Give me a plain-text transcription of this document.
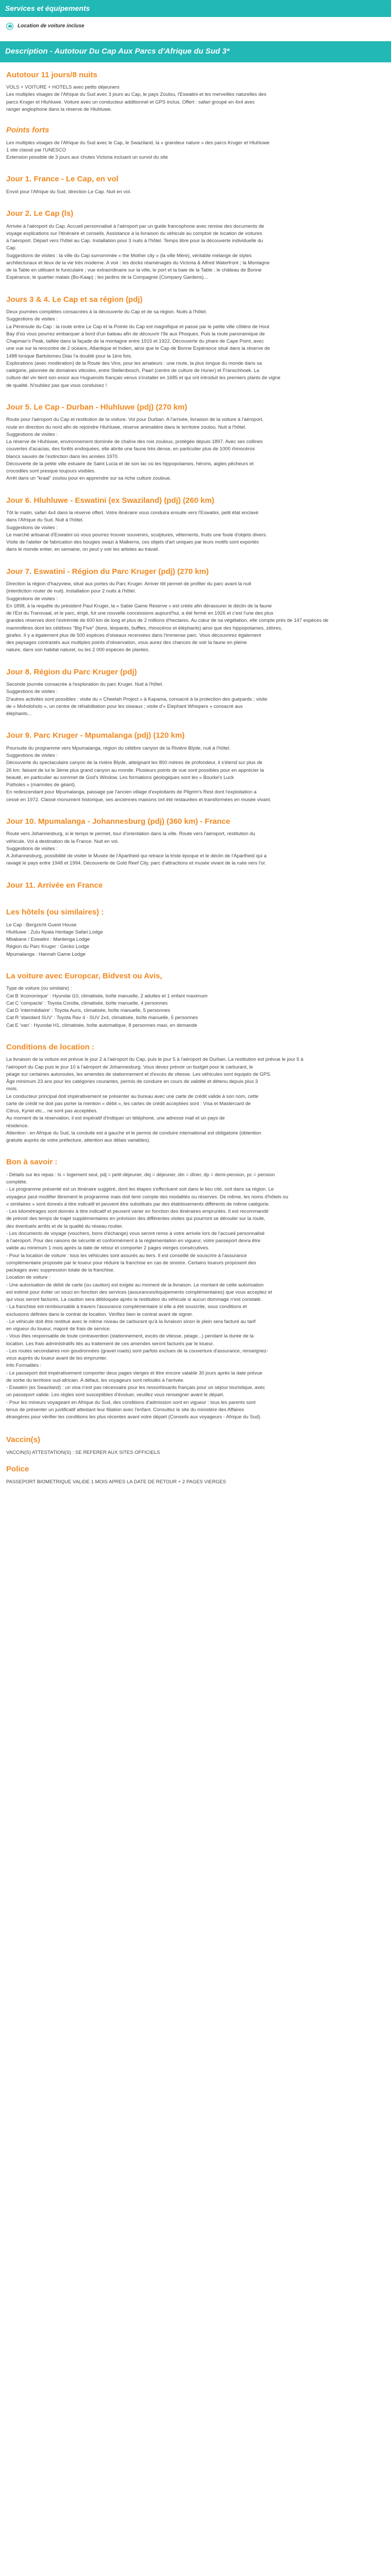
Services et équipements
Location de voiture incluse
Description - Autotour Du Cap Aux Parcs d'Afrique du Sud 3*
Autotour 11 jours/8 nuits
VOLS + VOITURE + HOTELS avec petits déjeuners
Les multiples visages de l'Afrique du Sud avec 3 jours au Cap, le pays Zoulou, l'Eswatini et les merveilles naturelles des
parcs Kruger et Hluhluwe. Voiture avec un conducteur additionnel et GPS inclus. Offert : safari groupé en 4x4 avec
ranger anglophone dans la réserve de Hluhluwe.
Points forts
Les multiples visages de l'Afrique du Sud avec le Cap, le Swaziland, la « grandeur nature » des parcs Kruger et Hluhluwe
1 site classé par l'UNESCO
Extension possible de 3 jours aux chutes Victoria incluant un survol du site
Jour 1. France - Le Cap, en vol
Envol pour l'Afrique du Sud, direction Le Cap. Nuit en vol.
Jour 2. Le Cap (ls)
Arrivée à l'aéroport du Cap. Accueil personnalisé à l'aéroport par un guide francophone avec remise des documents de
voyage explications sur l'itinéraire et conseils. Assistance à la livraison du véhicule au comptoir de location de voitures
à l'aéroport. Départ vers l'hôtel au Cap. Installation pour 3 nuits à l'hôtel. Temps libre pour la découverte individuelle du
Cap.
Suggestions de visites : la ville du Cap surnommée « the Mother city » (la ville Mère), véritable mélange de styles
architecturaux et lieux de la vie très moderne. A voir : les docks réaménagés du Victoria & Alfred Waterfront ; la Montagne
de la Table en utilisant le funiculaire ; vue extraordinaire sur la ville, le port et la baie de la Table ; le château de Bonne
Espérance, le quartier malais (Bo-Kaap) ; les jardins de la Compagnie (Company Gardens)...
Jours 3 & 4. Le Cap et sa région (pdj)
Deux journées complètes consacrées à la découverte du Cap et de sa région. Nuits à l'hôtel.
Suggestions de visites :
La Péninsule du Cap : la route entre Le Cap et la Pointe du Cap est magnifique et passe par le petite ville côtière de Hout
Bay d'où vous pourrez embarquer à bord d'un bateau afin de découvrir l'île aux Phoques. Puis la route panoramique de
Chapman's Peak, taillée dans la façade de la montagne entre 1915 et 1922. Découverte du phare de Cape Point, avec
une vue sur la rencontre de 2 océans, Atlantique et Indien, ainsi que le Cap de Bonne Espérance situé dans la réserve de
1488 lorsque Bartolomeu Dias l'a doublé pour la 1ère fois.
Explorations (avec modération) de la Route des Vins, pour les amateurs : une route, la plus longue du monde dans sa
catégorie, jalonnée de domaines viticoles, entre Stellenbosch, Paarl (centre de culture de Huner) et Franschhoek. La
culture del vin tient son essor aux Huguenots français venus s'installer en 1685 et qui ont introduit les premiers plants de vigne
de qualité. N'oubliez pas que vous conduisez !
Jour 5. Le Cap - Durban - Hluhluwe (pdj) (270 km)
Route pour l'aéroport du Cap et restitution de ta voiture. Vol pour Durban. A l'arrivée, livraison de la voiture à l'aéroport,
route en direction du nord afin de rejoindre Hluhluwe, réserve animalière dans le territoire zoulou. Nuit à l'hôtel.
Suggestions de visites :
La réserve de Hluhluwe, environnement dominée de chaîne des rois zoulous, protégée depuis 1897. Avec ses collines
couvertes d'acacias, des forêts endoquées, elle abrite une faune très dense, en particulier plus de 1000 rhinocéros
blancs sauvés de l'extinction dans les années 1970.
Découverte de la petite ville estuaire de Saint Lucia et de son lac où les hippopotames, hérons, aigles pêcheurs et
crocodiles sont presque toujours visibles.
Arrêt dans un "kraal" zoulou pour en apprendre sur sa riche culture zouloue.
Jour 6. Hluhluwe - Eswatini (ex Swaziland) (pdj) (260 km)
Tôt le matin, safari 4x4 dans la réserve offert. Votre itinéraire vous conduira ensuite vers l'Eswatini, petit état enclavé
dans l'Afrique du Sud. Nuit à l'hôtel.
Suggestions de visites :
Le marché artisanal d'Eswatini où vous pourrez trouver souvenirs, sculptures, vêtements, fruits une foule d'objets divers.
Visite de l'atelier de fabrication des bougies swazi à Malkerns, ces objets d'art uniques par leurs motifs sont exportés
dans le monde entier, en semaine, on peut y voir les artistes au travail.
Jour 7. Eswatini - Région du Parc Kruger (pdj) (270 km)
Direction la région d'hazyview, situé aux portes du Parc Kruger. Arriver tôt permet de profiter du parc avant la nuit
(interdiction router de nuit). Installation pour 2 nuits à l'hôtel.
Suggestions de visites :
En 1898, à la requête du président Paul Kruger, la « Sabie Game Reserve » est créée afin dérassurer le déclin de la faune
de l'Est du Transvaal, et le parc, érigé, fut une nouvelle concessions aujourd'hui, a été fermé en 1926 et c'est l'une des plus
grandes réserves dont l'extrémité de 600 km de long et plus de 2 millions d'hectares. Au cœur de sa végétation, elle compte près de 147 espèces de
mammifères dont les célèbres "Big Five" (lions, léopards, buffles, rhinocéros et éléphants) ainsi que des hippopotames, zèbres,
girafes. Il y a également plus de 500 espèces d'oiseaux recensées dans l'immense parc. Vous découvrirez également
des paysages contrastés aux multiples points d'observation, vous aurez des chances de voir la faune en pleine
nature, dans son habitat naturel, ou les 2 000 espèces de plantes.
Jour 8. Région du Parc Kruger (pdj)
Seconde journée consacrée à l'exploration du parc Kruger. Nuit à l'hôtel.
Suggestions de visites :
D'autres activités sont possibles : visite du « Cheetah Project » à Kapama, consacré à la protection des guépards ; visite
de « Moholoholo », un centre de réhabilitation pour les oiseaux ; visite d'« Elephant Whispers » consacré aux
éléphants...
Jour 9. Parc Kruger - Mpumalanga (pdj) (120 km)
Poursuite du programme vers Mpumalanga, région du célèbre canyon de la Rivière Blyde, nuit à l'hôtel.
Suggestions de visites :
Découverte du spectaculaire canyon de la rivière Blyde, atteignant les 800 mètres de profondeur, il s'étend sur plus de
26 km. faisant de lui le 3ème plus grand canyon au monde. Plusieurs points de vue sont possibles pour en apprécier la
beauté, en particulier au sommet de God's Window. Les formations géologiques sont les « Bourke's Luck
Potholes » (marmites de géant).
En redescendant pour Mpumalanga, passage par l'ancien village d'exploitants de Pilgrim's Rest dont l'exploitation a
cessé en 1972. Classé monument historique, ses anciennes maisons ont été restaurées et transformées en musée vivant.
Jour 10. Mpumalanga - Johannesburg (pdj) (360 km) - France
Route vers Johannesburg, si le temps le permet, tour d'orientation dans la ville. Route vers l'aéroport, restitution du
véhicule. Vol à destination de la France. Nuit en vol.
Suggestions de visites :
A Johannesburg, possibilité de visiter le Musée de l'Apartheid qui retrace la triste époque et le déclin de l'Apartheid qui a
ravagé le pays entre 1948 et 1994. Découverte de Gold Reef City, parc d'attractions et musée vivant de la ruée vers l'or.
Jour 11. Arrivée en France
Les hôtels (ou similaires) :
Le Cap : Bergzicht Guest House
Hluhluwe : Zulu Nyala Heritage Safari Lodge
Mbabane / Eswatini : Mantenga Lodge
Région du Parc Kruger : Gecko Lodge
Mpumalanga : Hannah Game Lodge
La voiture avec Europcar, Bidvest ou Avis,
Type de voiture (ou similaire) :
Cat B 'économique' : Hyundai i10, climatisée, boîte manuelle, 2 adultes et 1 enfant maximum
Cat C 'compacte' : Toyota Corolla, climatisée, boîte manuelle, 4 personnes
Cat D 'intermédiaire' : Toyota Auris, climatisée, boîte manuelle, 5 personnes
Cat R 'standard SUV' : Toyota Rav 4 - SUV 2x4, climatisée, boîte manuelle, 5 personnes
Cat E 'van' : Hyundai H1, climatisée, boîte automatique, 8 personnes maxi, en demande
Conditions de location :
La livraison de la voiture est prévue le jour 2 à l'aéroport du Cap, puis le jour 5 à l'aéroport de Durban. La restitution est prévue le jour 5 à
l'aéroport du Cap puis le jour 10 à l'aéroport de Johannesburg. Vous devez prévoir un budget pour le carburant, le
péage sur certaines autoroutes, les amendes de stationnement et d'excès de vitesse. Les véhicules sont équipés de GPS.
Âge minimum 23 ans pour les catégories courantes, permis de conduire en cours de validité et détenu depuis plus 3
mois.
Le conducteur principal doit impérativement se présenter au bureau avec une carte de crédit valide à son nom, cette
carte de crédit ne doit pas porter la mention « débit », les cartes de crédit acceptées sont : Visa et Mastercard de
Citrus, Kyriel etc... ne sont pas acceptées.
Au moment de la réservation, il est impératif d'indiquer un téléphone, une adresse mail et un pays de
résidence.
Attention : en Afrique du Sud, la conduite est à gauche et le permis de conduire international est obligatoire (obtention
gratuite auprès de votre préfecture, attention aux délais variables).
Bon à savoir :
- Détails sur les repas : ls = logement seul, pdj = petit déjeuner, dej = déjeuner, din = dîner, dp = demi-pension, pc = pension
complète.
- Le programme présenté est un itinéraire suggéré, dont les étapes s'effectuent soit dans le lieu cité, soit dans sa région. Le
voyageur peut modifier librement le programme mais doit tenir compte des modalités ou réserves. De même, les noms d'hôtels ou
« similaires » sont donnés à titre indicatif et peuvent être substitués par des établissements différents de même catégorie.
- Les kilométrages sont donnés à titre indicatif et peuvent varier en fonction des itinéraires empruntés. Il est recommandé
de prévoir des temps de trajet supplémentaires en prévision des différentes visites qui pourront se dérouler sur la route,
des éventuels arrêts et de la qualité du réseau routier.
- Les documents de voyage (vouchers, bons d'échange) vous seront remis à votre arrivée lors de l'accueil personnalisé
à l'aéroport. Pour des raisons de sécurité et conformément à la réglementation en vigueur, votre passeport devra être
valide au minimum 1 mois après la date de retour et comporter 2 pages vierges consécutives.
- Pour la location de voiture : tous les véhicules sont assurés au tiers. Il est conseillé de souscrire à l'assurance
complémentaire proposée par le loueur pour réduire la franchise en cas de sinistre. Certains loueurs proposent des
packages avec suppression totale de la franchise.
Location de voiture :
- Une autorisation de débit de carte (ou caution) est exigée au moment de la livraison. Le montant de cette autorisation
est estimé pour éviter un souci en fonction des services (assurances/équipements complémentaires) que vous acceptez et
qui vous seront facturés. La caution sera débloquée après la restitution du véhicule si aucun dommage n'est constaté.
- La franchise est remboursable à travers l'assurance complémentaire si elle a été souscrite, sous conditions et
exclusions définies dans le contrat de location. Vérifiez bien le contrat avant de signer.
- Le véhicule doit être restitué avec le même niveau de carburant qu'à la livraison sinon le plein sera facturé au tarif
en vigueur du loueur, majoré de frais de service.
- Vous êtes responsable de toute contravention (stationnement, excès de vitesse, péage...) pendant la durée de la
location. Les frais administratifs liés au traitement de ces amendes seront facturés par le loueur.
- Les routes secondaires non goudronnées (gravel roads) sont parfois exclues de la couverture d'assurance, renseignez-
vous auprès du loueur avant de les emprunter.
Info Formalités :
- Le passeport doit impérativement comporter deux pages vierges et être encore valable 30 jours après la date prévue
de sortie du territoire sud-africain. A défaut, les voyageurs sont refoulés à l'arrivée.
- Eswatini (ex Swaziland) : un visa n'est pas nécessaire pour les ressortissants français pour un séjour touristique, avec
un passeport valide. Les règles sont susceptibles d'évoluer, veuillez vous renseigner avant le départ.
- Pour les mineurs voyageant en Afrique du Sud, des conditions d'admission sont en vigueur : tous les parents sont
tenus de présenter un justificatif attestant leur filiation avec l'enfant. Consultez le site du ministère des Affaires
étrangères pour vérifier les conditions les plus récentes avant votre départ (Conseils aux voyageurs - Afrique du Sud).
Vaccin(s)
VACCIN(S) ATTESTATION(S) : SE REFERER AUX SITES OFFICIELS
Police
PASSEPORT BIOMETRIQUE VALIDE 1 MOIS APRES LA DATE DE RETOUR + 2 PAGES VIERGES
